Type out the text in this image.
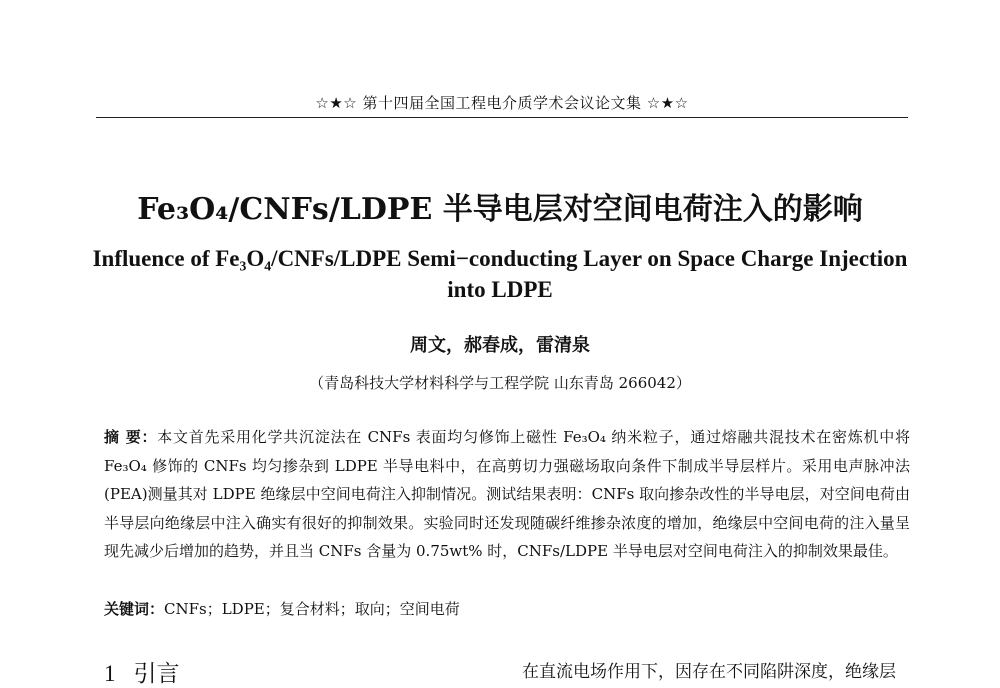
☆★☆ 第十四届全国工程电介质学术会议论文集 ☆★☆
Fe₃O₄/CNFs/LDPE 半导电层对空间电荷注入的影响
Influence of Fe₃O₄/CNFs/LDPE Semi−conducting Layer on Space Charge Injection into LDPE
周文，郝春成，雷清泉
（青岛科技大学材料科学与工程学院 山东青岛 266042）
摘 要：本文首先采用化学共沉淀法在 CNFs 表面均匀修饰上磁性 Fe₃O₄ 纳米粒子，通过熔融共混技术在密炼机中将 Fe₃O₄ 修饰的 CNFs 均匀掺杂到 LDPE 半导电料中，在高剪切力强磁场取向条件下制成半导层样片。采用电声脉冲法(PEA)测量其对 LDPE 绝缘层中空间电荷注入抑制情况。测试结果表明：CNFs 取向掺杂改性的半导电层，对空间电荷由半导层向绝缘层中注入确实有很好的抑制效果。实验同时还发现随碳纤维掺杂浓度的增加，绝缘层中空间电荷的注入量呈现先减少后增加的趋势，并且当 CNFs 含量为 0.75wt% 时，CNFs/LDPE 半导电层对空间电荷注入的抑制效果最佳。
关键词：CNFs；LDPE；复合材料；取向；空间电荷
1 引言	在直流电场作用下，因存在不同陷阱深度，绝缘层
